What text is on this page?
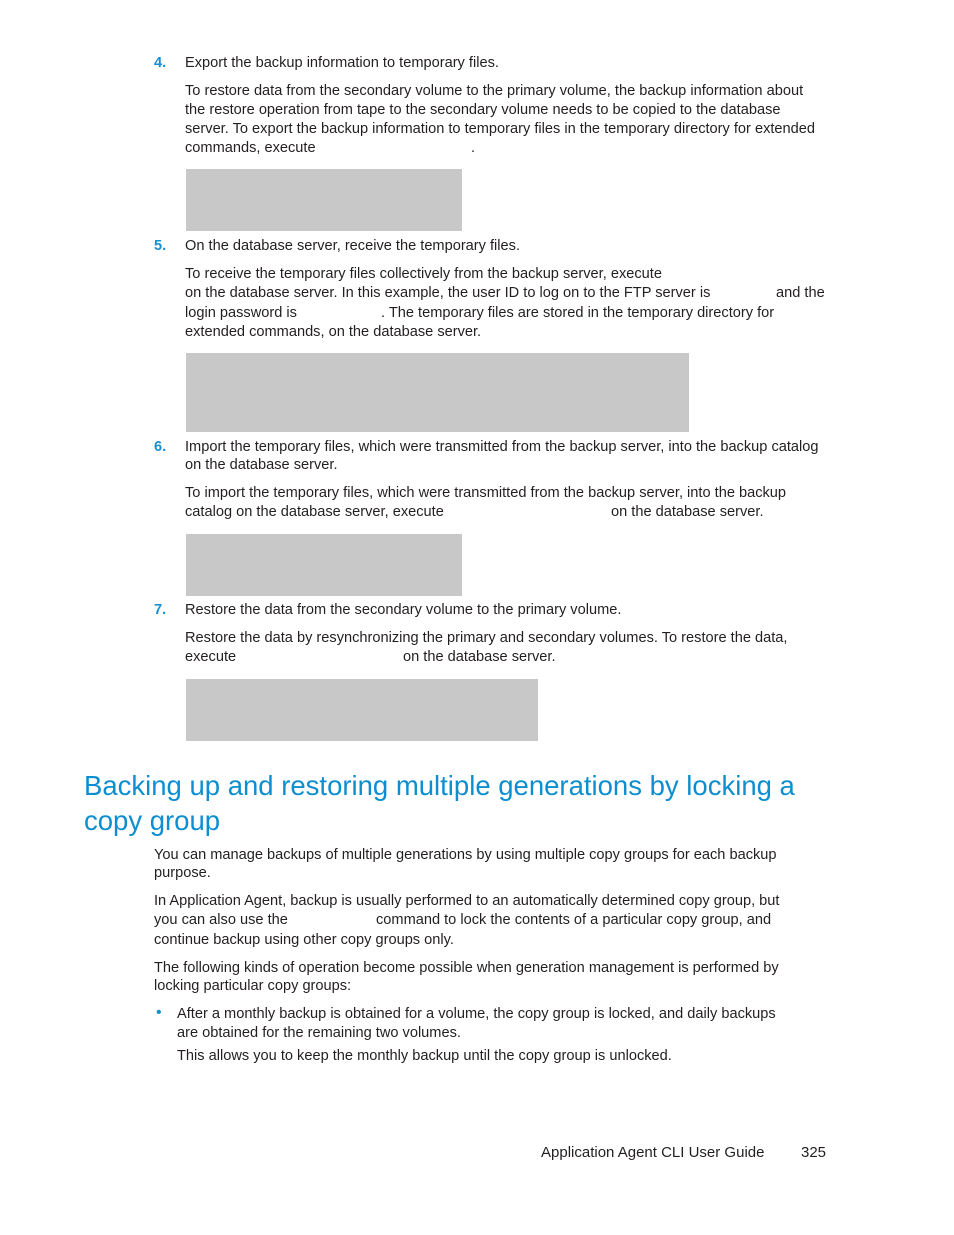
4. Export the backup information to temporary files.
To restore data from the secondary volume to the primary volume, the backup information about
the restore operation from tape to the secondary volume needs to be copied to the database
server. To export the backup information to temporary files in the temporary directory for extended
commands, execute	.
5. On the database server, receive the temporary files.
To receive the temporary files collectively from the backup server, execute
on the database server. In this example, the user ID to log on to the FTP server is	and the
login password is	. The temporary files are stored in the temporary directory for
extended commands, on the database server.
6. Import the temporary files, which were transmitted from the backup server, into the backup catalog
on the database server.
To import the temporary files, which were transmitted from the backup server, into the backup
catalog on the database server, execute	on the database server.
7. Restore the data from the secondary volume to the primary volume.
Restore the data by resynchronizing the primary and secondary volumes. To restore the data,
execute	on the database server.
Backing up and restoring multiple generations by locking a
copy group
You can manage backups of multiple generations by using multiple copy groups for each backup
purpose.
In Application Agent, backup is usually performed to an automatically determined copy group, but
you can also use the	command to lock the contents of a particular copy group, and
continue backup using other copy groups only.
The following kinds of operation become possible when generation management is performed by
locking particular copy groups:
• After a monthly backup is obtained for a volume, the copy group is locked, and daily backups
are obtained for the remaining two volumes.
This allows you to keep the monthly backup until the copy group is unlocked.
Application Agent CLI User Guide 325
